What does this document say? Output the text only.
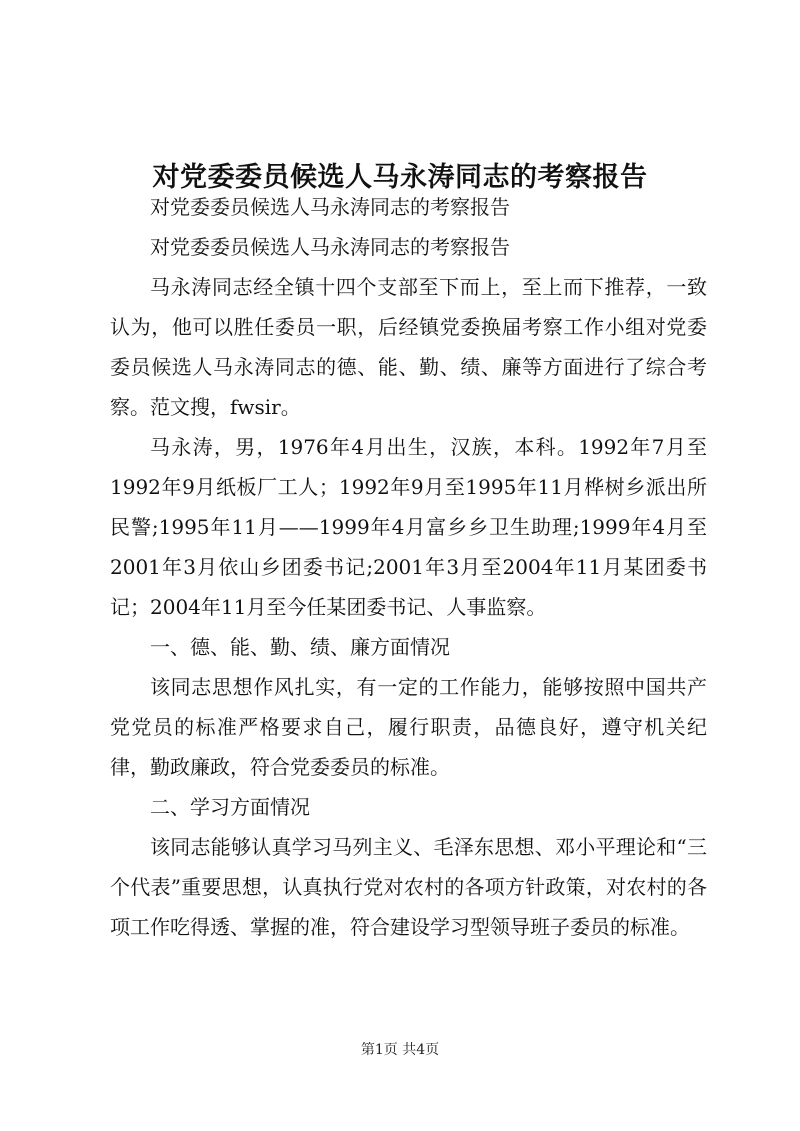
对党委委员候选人马永涛同志的考察报告

对党委委员候选人马永涛同志的考察报告

对党委委员候选人马永涛同志的考察报告

马永涛同志经全镇十四个支部至下而上，至上而下推荐，一致认为，他可以胜任委员一职，后经镇党委换届考察工作小组对党委委员候选人马永涛同志的德、能、勤、绩、廉等方面进行了综合考察。范文搜，fwsir。

马永涛，男，1976年4月出生，汉族，本科。1992年7月至1992年9月纸板厂工人；1992年9月至1995年11月桦树乡派出所民警;1995年11月——1999年4月富乡乡卫生助理;1999年4月至2001年3月依山乡团委书记;2001年3月至2004年11月某团委书记；2004年11月至今任某团委书记、人事监察。

一、德、能、勤、绩、廉方面情况

该同志思想作风扎实，有一定的工作能力，能够按照中国共产党党员的标准严格要求自己，履行职责，品德良好，遵守机关纪律，勤政廉政，符合党委委员的标准。

二、学习方面情况

该同志能够认真学习马列主义、毛泽东思想、邓小平理论和“三个代表”重要思想，认真执行党对农村的各项方针政策，对农村的各项工作吃得透、掌握的准，符合建设学习型领导班子委员的标准。

第1页 共4页
